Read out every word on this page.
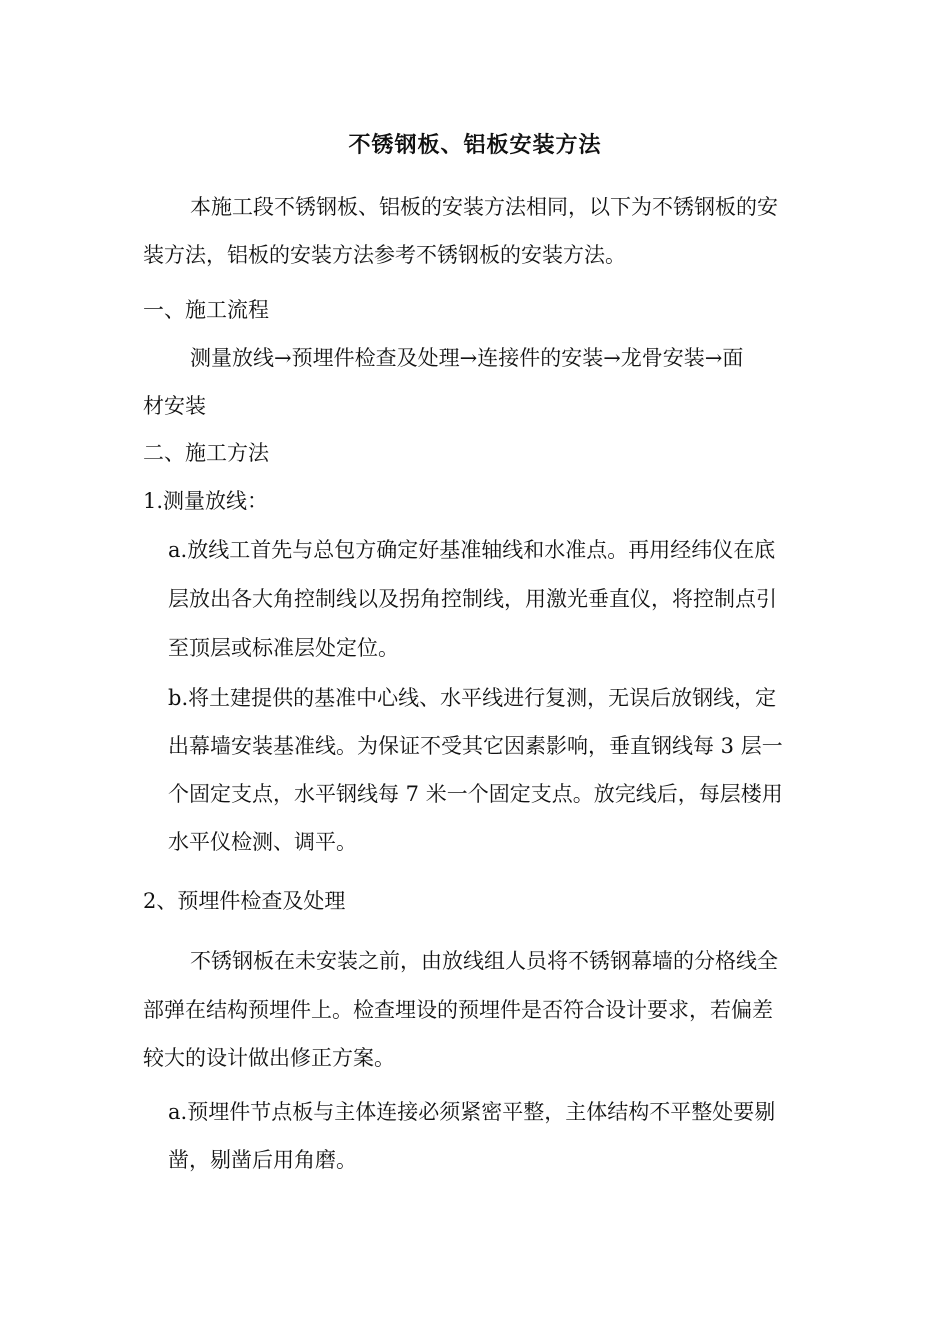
不锈钢板、铝板安装方法
本施工段不锈钢板、铝板的安装方法相同，以下为不锈钢板的安
装方法，铝板的安装方法参考不锈钢板的安装方法。
一、施工流程
测量放线→预埋件检查及处理→连接件的安装→龙骨安装→面
材安装
二、施工方法
1.测量放线：
a.放线工首先与总包方确定好基准轴线和水准点。再用经纬仪在底
层放出各大角控制线以及拐角控制线，用激光垂直仪，将控制点引
至顶层或标准层处定位。
b.将土建提供的基准中心线、水平线进行复测，无误后放钢线，定
出幕墙安装基准线。为保证不受其它因素影响，垂直钢线每 3 层一
个固定支点，水平钢线每 7 米一个固定支点。放完线后，每层楼用
水平仪检测、调平。
2、预埋件检查及处理
不锈钢板在未安装之前，由放线组人员将不锈钢幕墙的分格线全
部弹在结构预埋件上。检查埋设的预埋件是否符合设计要求，若偏差
较大的设计做出修正方案。
a.预埋件节点板与主体连接必须紧密平整，主体结构不平整处要剔
凿，剔凿后用角磨。
